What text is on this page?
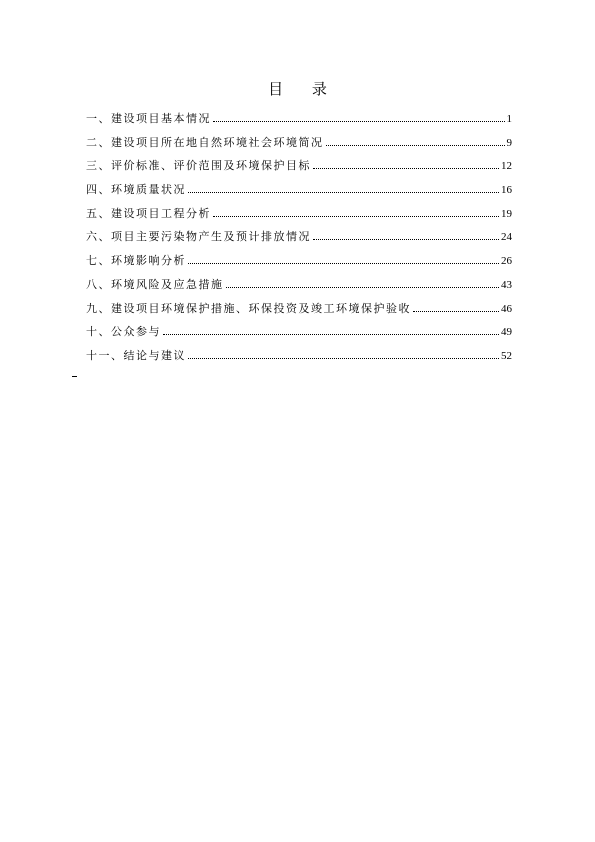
目 录
一、建设项目基本情况	1
二、建设项目所在地自然环境社会环境简况	9
三、评价标准、评价范围及环境保护目标	12
四、环境质量状况	16
五、建设项目工程分析	19
六、项目主要污染物产生及预计排放情况	24
七、环境影响分析	26
八、环境风险及应急措施	43
九、建设项目环境保护措施、环保投资及竣工环境保护验收	46
十、公众参与	49
十一、结论与建议	52
